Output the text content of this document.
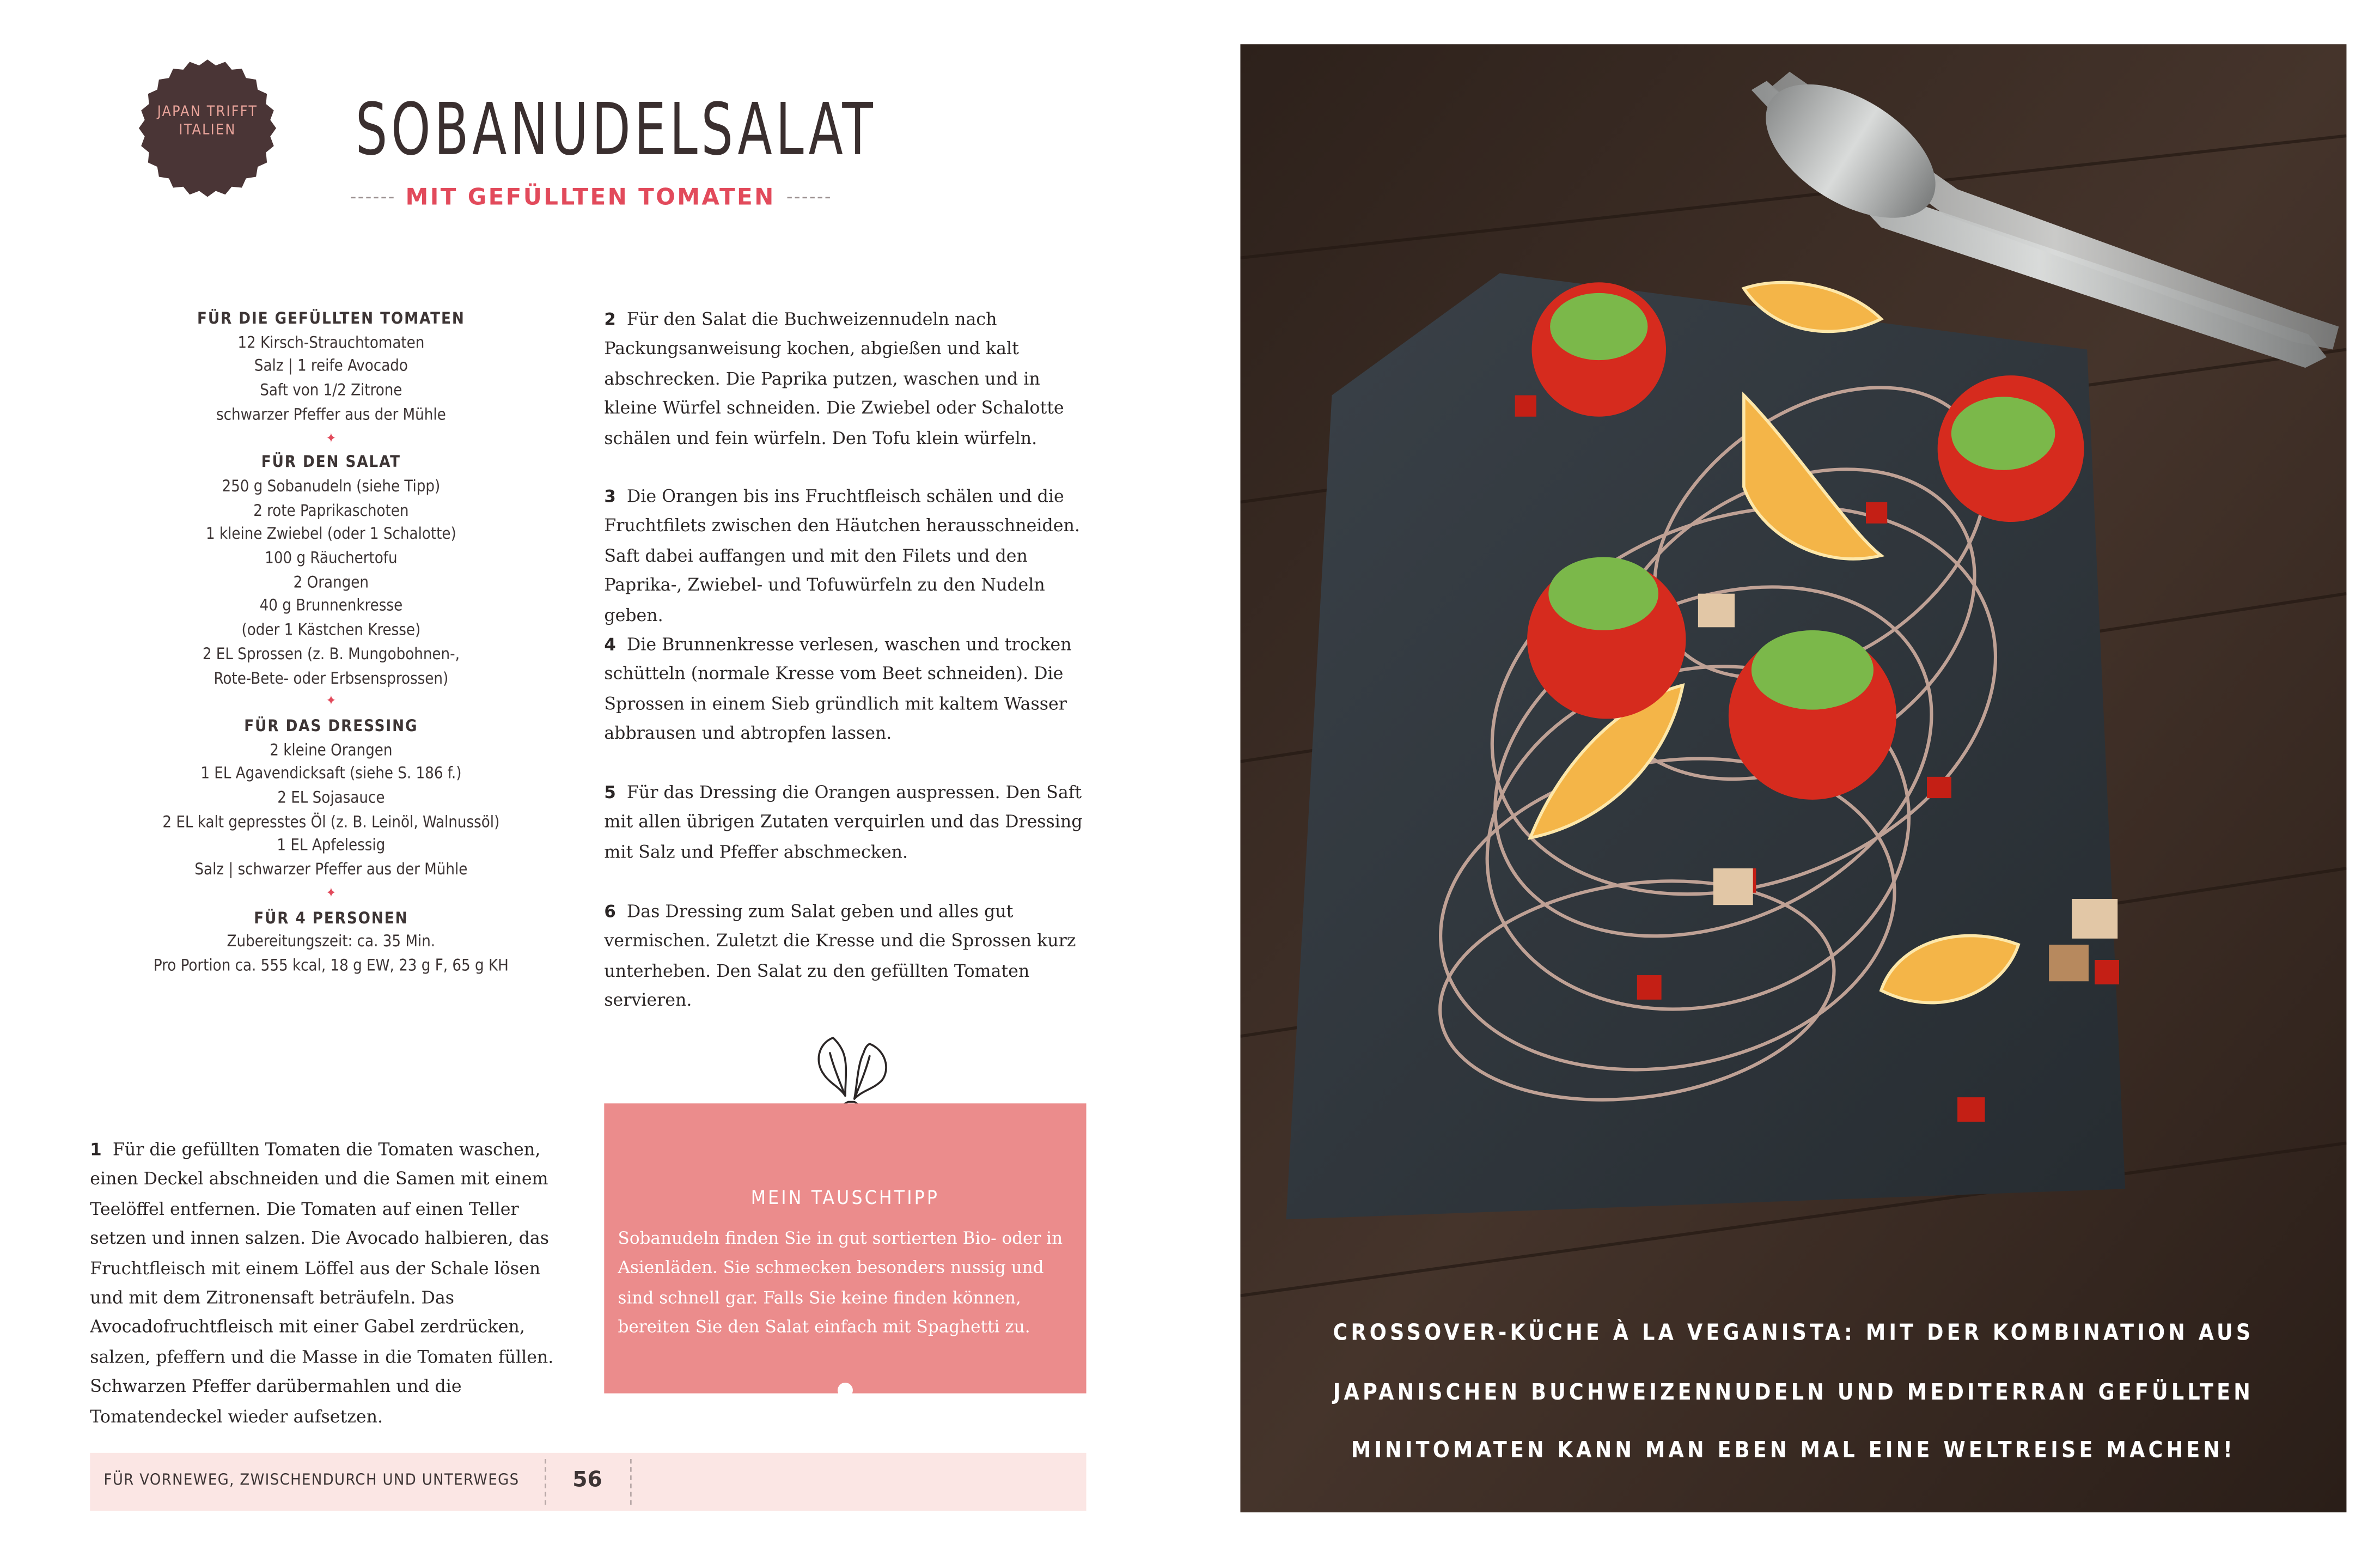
JAPAN TRIFFT
ITALIEN	SOBANUDELSALAT
MIT GEFÜLLTEN TOMATEN
FÜR DIE GEFÜLLTEN TOMATEN
12 Kirsch-Strauchtomaten
Salz | 1 reife Avocado
Saft von 1/2 Zitrone
schwarzer Pfeffer aus der Mühle
✦
FÜR DEN SALAT
250 g Sobanudeln (siehe Tipp)
2 rote Paprikaschoten
1 kleine Zwiebel (oder 1 Schalotte)
100 g Räuchertofu
2 Orangen
40 g Brunnenkresse
(oder 1 Kästchen Kresse)
2 EL Sprossen (z. B. Mungobohnen-,
Rote-Bete- oder Erbsensprossen)
✦
FÜR DAS DRESSING
2 kleine Orangen
1 EL Agavendicksaft (siehe S. 186 f.)
2 EL Sojasauce
2 EL kalt gepresstes Öl (z. B. Leinöl, Walnussöl)
1 EL Apfelessig
Salz | schwarzer Pfeffer aus der Mühle
✦
FÜR 4 PERSONEN
Zubereitungszeit: ca. 35 Min.
Pro Portion ca. 555 kcal, 18 g EW, 23 g F, 65 g KH

2 Für den Salat die Buchweizennudeln nach Packungsanweisung kochen, abgießen und kalt abschrecken. Die Paprika putzen, waschen und in kleine Würfel schneiden. Die Zwiebel oder Schalotte schälen und fein würfeln. Den Tofu klein würfeln.

3 Die Orangen bis ins Fruchtfleisch schälen und die Fruchtfilets zwischen den Häutchen herausschneiden. Saft dabei auffangen und mit den Filets und den Paprika-, Zwiebel- und Tofuwürfeln zu den Nudeln geben.

4 Die Brunnenkresse verlesen, waschen und trocken schütteln (normale Kresse vom Beet schneiden). Die Sprossen in einem Sieb gründlich mit kaltem Wasser abbrausen und abtropfen lassen.

5 Für das Dressing die Orangen auspressen. Den Saft mit allen übrigen Zutaten verquirlen und das Dressing mit Salz und Pfeffer abschmecken.

6 Das Dressing zum Salat geben und alles gut vermischen. Zuletzt die Kresse und die Sprossen kurz unterheben. Den Salat zu den gefüllten Tomaten servieren.

1 Für die gefüllten Tomaten die Tomaten waschen, einen Deckel abschneiden und die Samen mit einem Teelöffel entfernen. Die Tomaten auf einen Teller setzen und innen salzen. Die Avocado halbieren, das Fruchtfleisch mit einem Löffel aus der Schale lösen und mit dem Zitronensaft beträufeln. Das Avocadofruchtfleisch mit einer Gabel zerdrücken, salzen, pfeffern und die Masse in die Tomaten füllen. Schwarzen Pfeffer darübermahlen und die Tomatendeckel wieder aufsetzen.

MEIN TAUSCHTIPP

Sobanudeln finden Sie in gut sortierten Bio- oder in Asienläden. Sie schmecken besonders nussig und sind schnell gar. Falls Sie keine finden können, bereiten Sie den Salat einfach mit Spaghetti zu.

FÜR VORNEWEG, ZWISCHENDURCH UND UNTERWEGS	56
CROSSOVER-KÜCHE À LA VEGANISTA: MIT DER KOMBINATION AUS
JAPANISCHEN BUCHWEIZENNUDELN UND MEDITERRAN GEFÜLLTEN
MINITOMATEN KANN MAN EBEN MAL EINE WELTREISE MACHEN!
